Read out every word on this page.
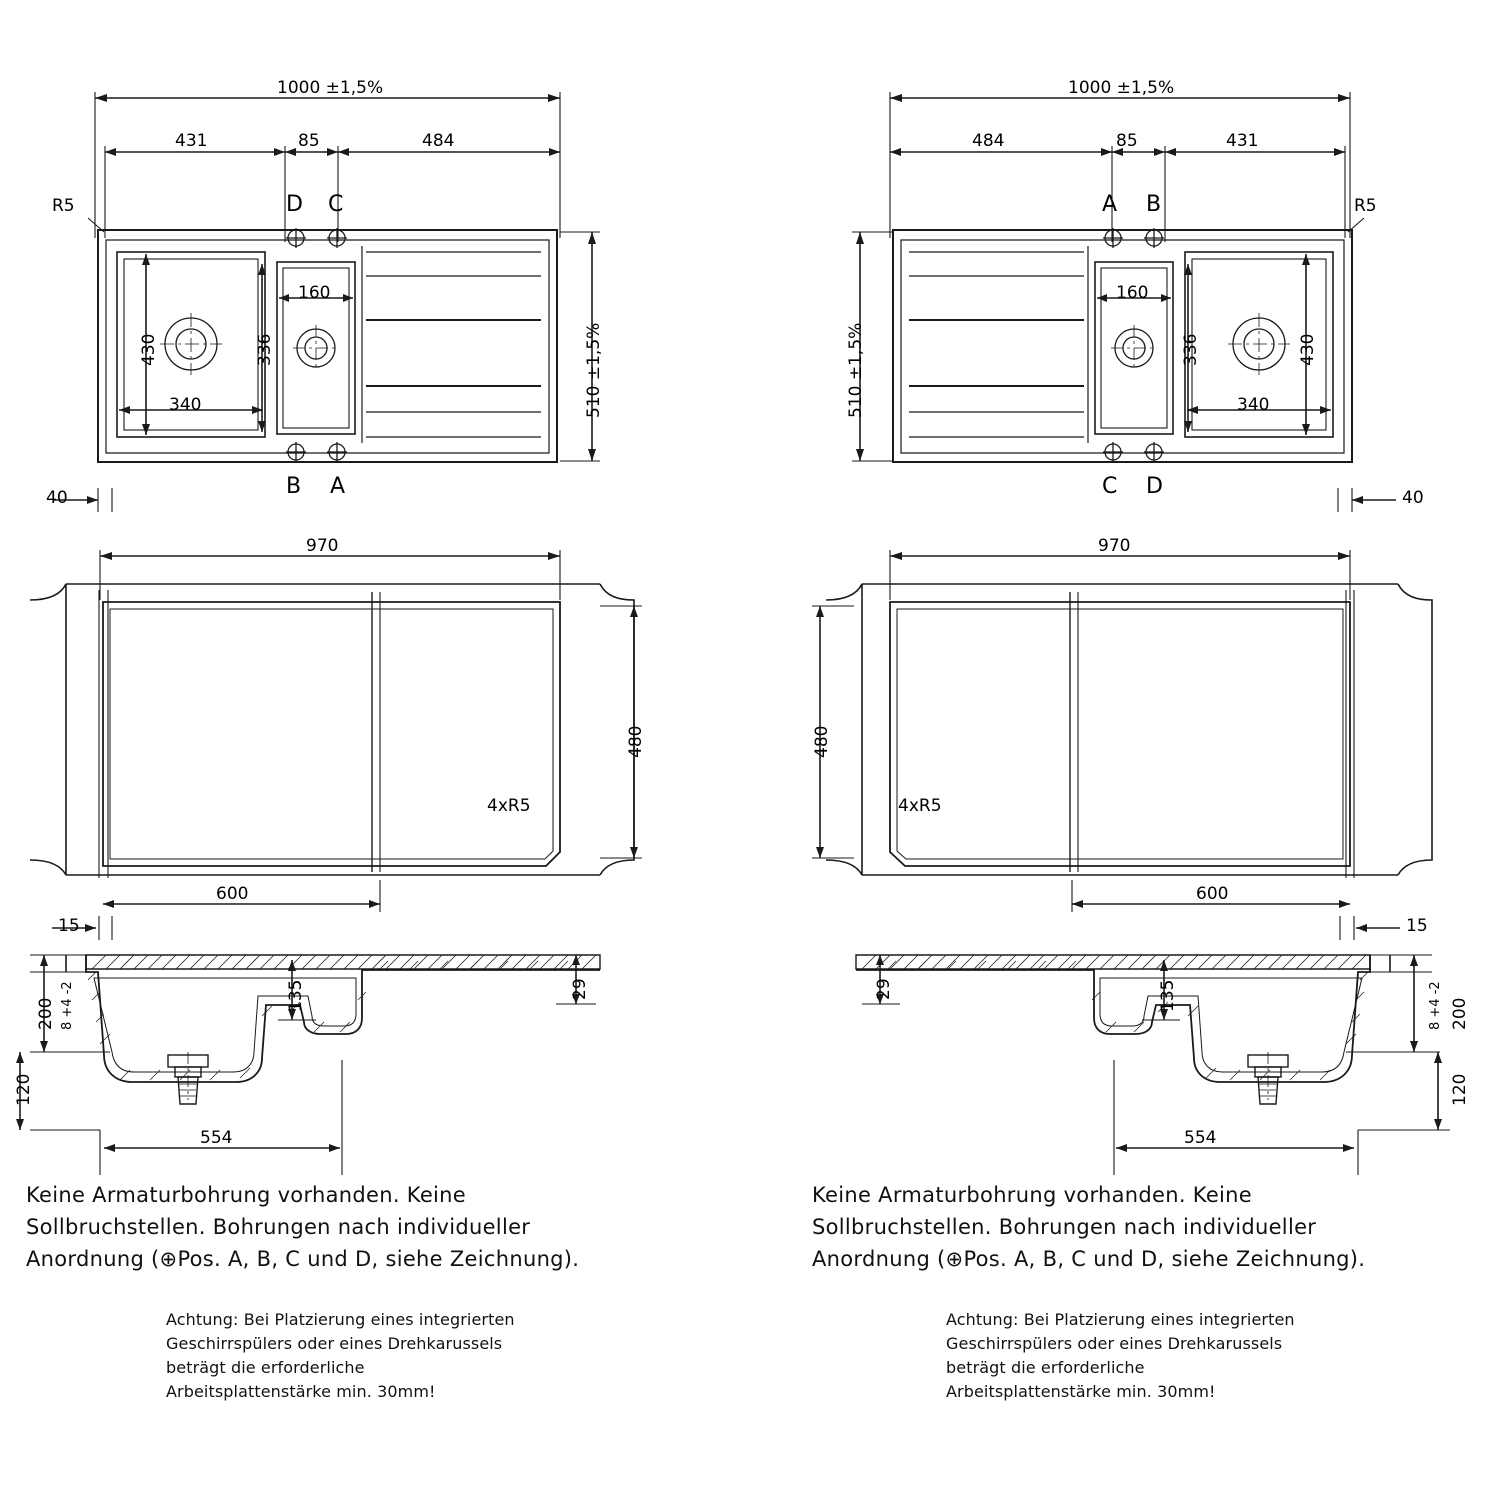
1000 ±1,5%
431	85	484
R5	D C
B A
510 ±1,5%
430	336
340
160
40
970
480
600
4xR5
15
200 8 +4 -2
120
135	29
554
Keine Armaturbohrung vorhanden. Keine
Sollbruchstellen. Bohrungen nach individueller
Anordnung (⊕Pos. A, B, C und D, siehe Zeichnung).
Achtung: Bei Platzierung eines integrierten
Geschirrspülers oder eines Drehkarussels
beträgt die erforderliche
Arbeitsplattenstärke min. 30mm!
1000 ±1,5%
484	85	431
R5
A B
C D
510 ±1,5%	430
336
340
160
40
970
480
600
4xR5
15
200
8 +4 -2
120
135
29
554
Keine Armaturbohrung vorhanden. Keine
Sollbruchstellen. Bohrungen nach individueller
Anordnung (⊕Pos. A, B, C und D, siehe Zeichnung).
Achtung: Bei Platzierung eines integrierten
Geschirrspülers oder eines Drehkarussels
beträgt die erforderliche
Arbeitsplattenstärke min. 30mm!
